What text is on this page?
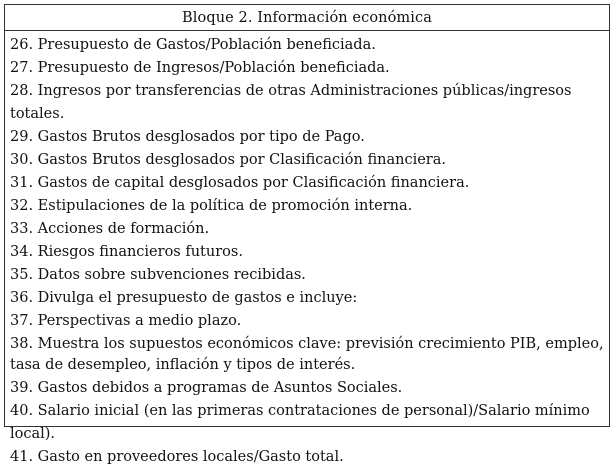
Bloque 2. Información económica
26. Presupuesto de Gastos/Población beneficiada.
27. Presupuesto de Ingresos/Población beneficiada.
28. Ingresos por transferencias de otras Administraciones públicas/ingresos totales.
29. Gastos Brutos desglosados por tipo de Pago.
30. Gastos Brutos desglosados por Clasificación financiera.
31. Gastos de capital desglosados por Clasificación financiera.
32. Estipulaciones de la política de promoción interna.
33. Acciones de formación.
34. Riesgos financieros futuros.
35. Datos sobre subvenciones recibidas.
36. Divulga el presupuesto de gastos e incluye:
37. Perspectivas a medio plazo.
38. Muestra los supuestos económicos clave: previsión crecimiento PIB, empleo, tasa de desempleo, inflación y tipos de interés.
39. Gastos debidos a programas de Asuntos Sociales.
40. Salario inicial (en las primeras contrataciones de personal)/Salario mínimo local).
41. Gasto en proveedores locales/Gasto total.
